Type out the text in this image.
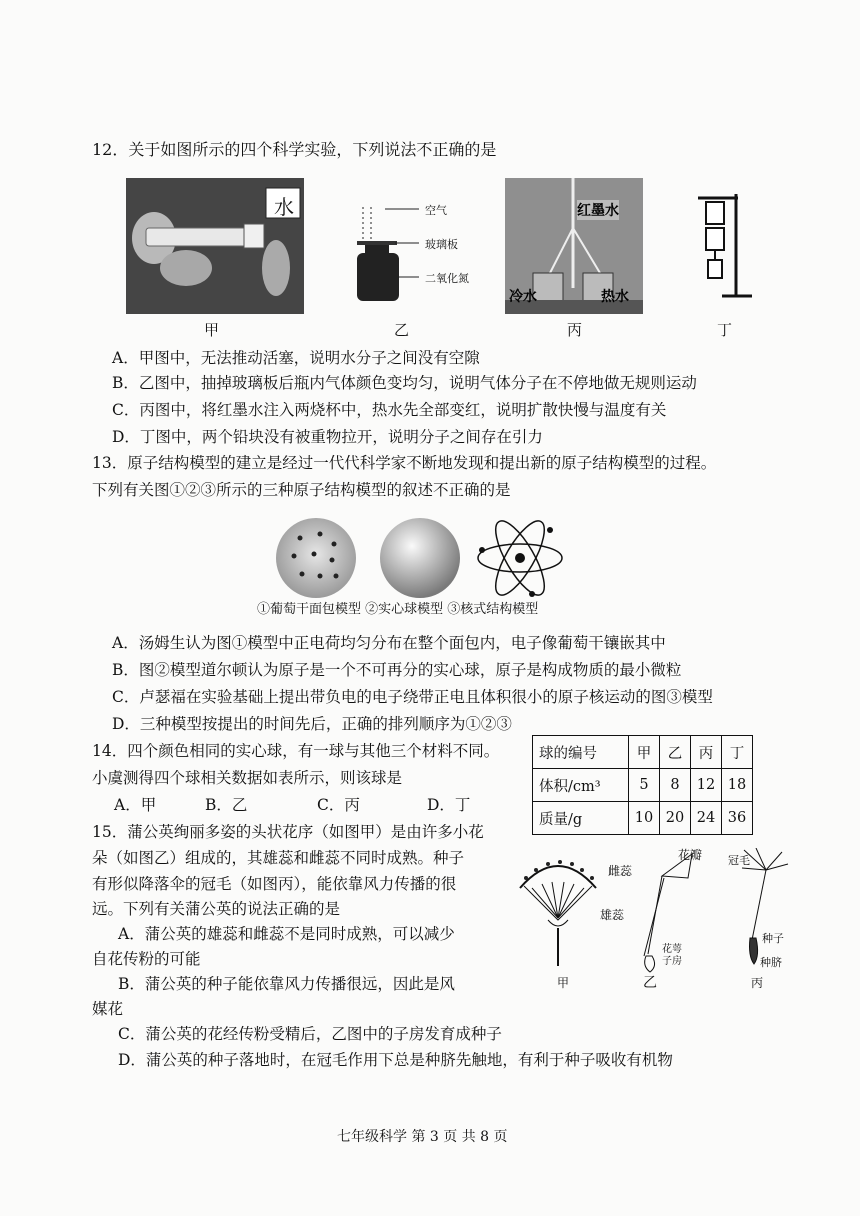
12．关于如图所示的四个科学实验，下列说法不正确的是
水	空气
玻璃板
二氧化氮
红墨水
冷水	热水
甲	乙	丙	丁
A．甲图中，无法推动活塞，说明水分子之间没有空隙
B．乙图中，抽掉玻璃板后瓶内气体颜色变均匀，说明气体分子在不停地做无规则运动
C．丙图中，将红墨水注入两烧杯中，热水先全部变红，说明扩散快慢与温度有关
D．丁图中，两个铅块没有被重物拉开，说明分子之间存在引力
13．原子结构模型的建立是经过一代代科学家不断地发现和提出新的原子结构模型的过程。
下列有关图①②③所示的三种原子结构模型的叙述不正确的是
①葡萄干面包模型 ②实心球模型 ③核式结构模型
A．汤姆生认为图①模型中正电荷均匀分布在整个面包内，电子像葡萄干镶嵌其中
B．图②模型道尔顿认为原子是一个不可再分的实心球，原子是构成物质的最小微粒
C．卢瑟福在实验基础上提出带负电的电子绕带正电且体积很小的原子核运动的图③模型
D．三种模型按提出的时间先后，正确的排列顺序为①②③
14．四个颜色相同的实心球，有一球与其他三个材料不同。
小虞测得四个球相关数据如表所示，则该球是
A．甲	B．乙	C．丙	D．丁
球的编号	甲	乙	丙	丁
体积/cm³	5	8	12	18
质量/g	10	20	24	36
15．蒲公英绚丽多姿的头状花序（如图甲）是由许多小花
朵（如图乙）组成的，其雄蕊和雌蕊不同时成熟。种子
有形似降落伞的冠毛（如图丙），能依靠风力传播的很
远。下列有关蒲公英的说法正确的是
A．蒲公英的雄蕊和雌蕊不是同时成熟，可以减少
自花传粉的可能
B．蒲公英的种子能依靠风力传播很远，因此是风
媒花
C．蒲公英的花经传粉受精后，乙图中的子房发育成种子
D．蒲公英的种子落地时，在冠毛作用下总是种脐先触地，有利于种子吸收有机物
雌蕊
花瓣
雄蕊
花萼
子房
冠毛
种子
种脐
甲	乙	丙
七年级科学 第 3 页 共 8 页
